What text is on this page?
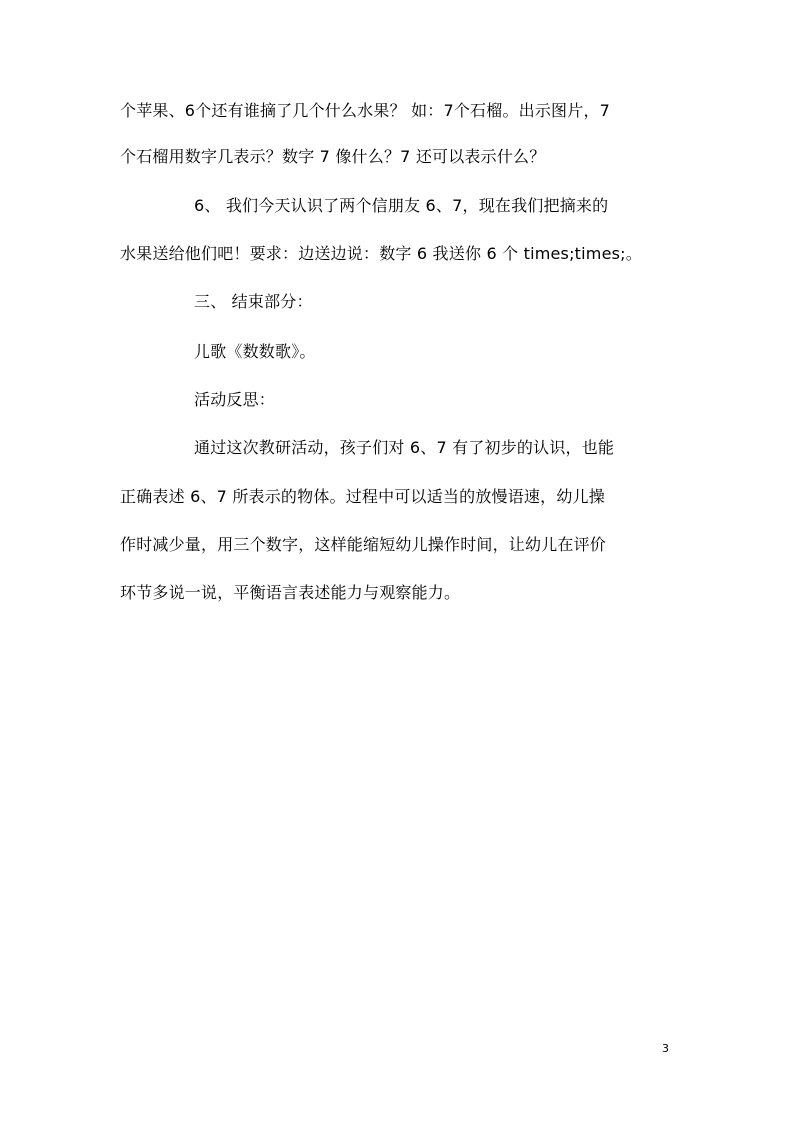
个苹果、6个还有谁摘了几个什么水果？ 如：7个石榴。出示图片，7
个石榴用数字几表示？数字 7 像什么？7 还可以表示什么？
6、 我们今天认识了两个信朋友 6、7，现在我们把摘来的
水果送给他们吧！要求：边送边说：数字 6 我送你 6 个 times;times;。
三、 结束部分：
儿歌《数数歌》。
活动反思：
通过这次教研活动，孩子们对 6、7 有了初步的认识，也能
正确表述 6、7 所表示的物体。过程中可以适当的放慢语速，幼儿操
作时减少量，用三个数字，这样能缩短幼儿操作时间，让幼儿在评价
环节多说一说，平衡语言表述能力与观察能力。
3
